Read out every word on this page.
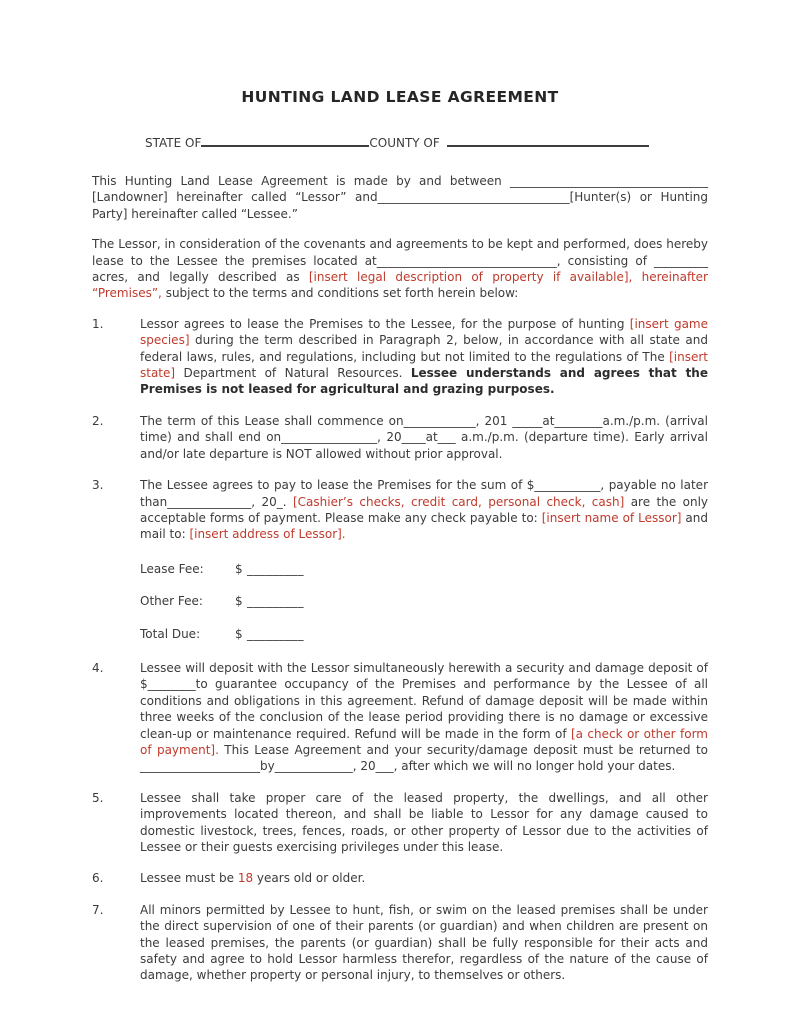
HUNTING LAND LEASE AGREEMENT
STATE OF	COUNTY OF
This Hunting Land Lease Agreement is made by and between _________________________________ [Landowner] hereinafter called “Lessor” and________________________________[Hunter(s) or Hunting Party] hereinafter called “Lessee.”
The Lessor, in consideration of the covenants and agreements to be kept and performed, does hereby lease to the Lessee the premises located at______________________________, consisting of _________ acres, and legally described as [insert legal description of property if available], hereinafter “Premises”, subject to the terms and conditions set forth herein below:
1.	Lessor agrees to lease the Premises to the Lessee, for the purpose of hunting [insert game species] during the term described in Paragraph 2, below, in accordance with all state and federal laws, rules, and regulations, including but not limited to the regulations of The [insert state] Department of Natural Resources. Lessee understands and agrees that the Premises is not leased for agricultural and grazing purposes.
2.	The term of this Lease shall commence on____________, 201 _____at________a.m./p.m. (arrival time) and shall end on________________, 20____at___ a.m./p.m. (departure time). Early arrival and/or late departure is NOT allowed without prior approval.
3.	The Lessee agrees to pay to lease the Premises for the sum of $___________, payable no later than______________, 20_. [Cashier’s checks, credit card, personal check, cash] are the only acceptable forms of payment. Please make any check payable to: [insert name of Lessor] and mail to: [insert address of Lessor].
Lease Fee:	$ _________
Other Fee:	$ _________
Total Due:	$ _________
4.	Lessee will deposit with the Lessor simultaneously herewith a security and damage deposit of $________to guarantee occupancy of the Premises and performance by the Lessee of all conditions and obligations in this agreement. Refund of damage deposit will be made within three weeks of the conclusion of the lease period providing there is no damage or excessive clean-up or maintenance required. Refund will be made in the form of [a check or other form of payment]. This Lease Agreement and your security/damage deposit must be returned to ____________________by_____________, 20___, after which we will no longer hold your dates.
5.	Lessee shall take proper care of the leased property, the dwellings, and all other improvements located thereon, and shall be liable to Lessor for any damage caused to domestic livestock, trees, fences, roads, or other property of Lessor due to the activities of Lessee or their guests exercising privileges under this lease.
6.	Lessee must be 18 years old or older.
7.	All minors permitted by Lessee to hunt, fish, or swim on the leased premises shall be under the direct supervision of one of their parents (or guardian) and when children are present on the leased premises, the parents (or guardian) shall be fully responsible for their acts and safety and agree to hold Lessor harmless therefor, regardless of the nature of the cause of damage, whether property or personal injury, to themselves or others.
